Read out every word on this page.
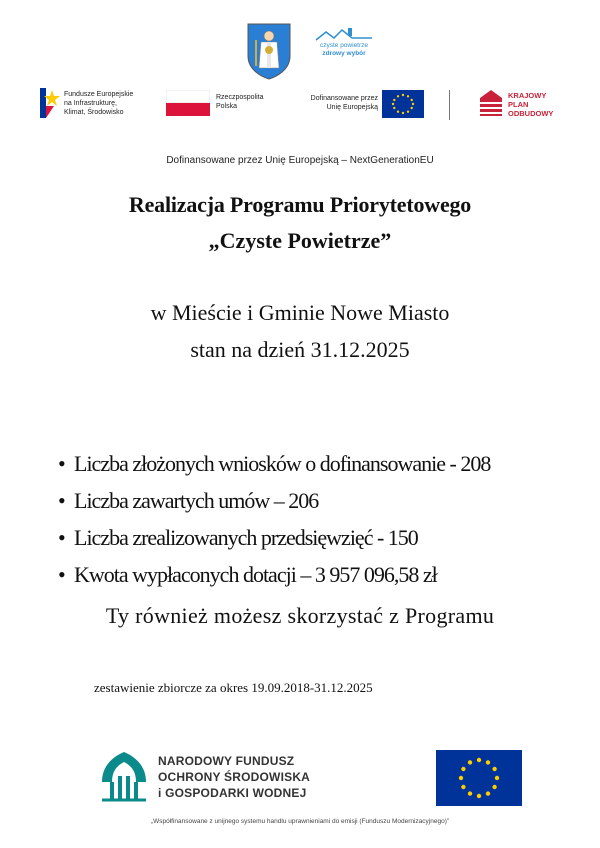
czyste powietrze
zdrowy wybór
Fundusze Europejskie
na Infrastrukturę,
Klimat, Środowisko
Rzeczpospolita
Polska
Dofinansowane przez
Unię Europejską
KRAJOWY
PLAN
ODBUDOWY
Dofinansowane przez Unię Europejską – NextGenerationEU
Realizacja Programu Priorytetowego
„Czyste Powietrze”
w Mieście i Gminie Nowe Miasto
stan na dzień 31.12.2025
• Liczba złożonych wniosków o dofinansowanie - 208
• Liczba zawartych umów – 206
• Liczba zrealizowanych przedsięwzięć - 150
• Kwota wypłaconych dotacji – 3 957 096,58 zł
Ty również możesz skorzystać z Programu
zestawienie zbiorcze za okres 19.09.2018-31.12.2025
NARODOWY FUNDUSZ
OCHRONY ŚRODOWISKA
i GOSPODARKI WODNEJ
„Współfinansowane z unijnego systemu handlu uprawnieniami do emisji (Funduszu Modernizacyjnego)”
